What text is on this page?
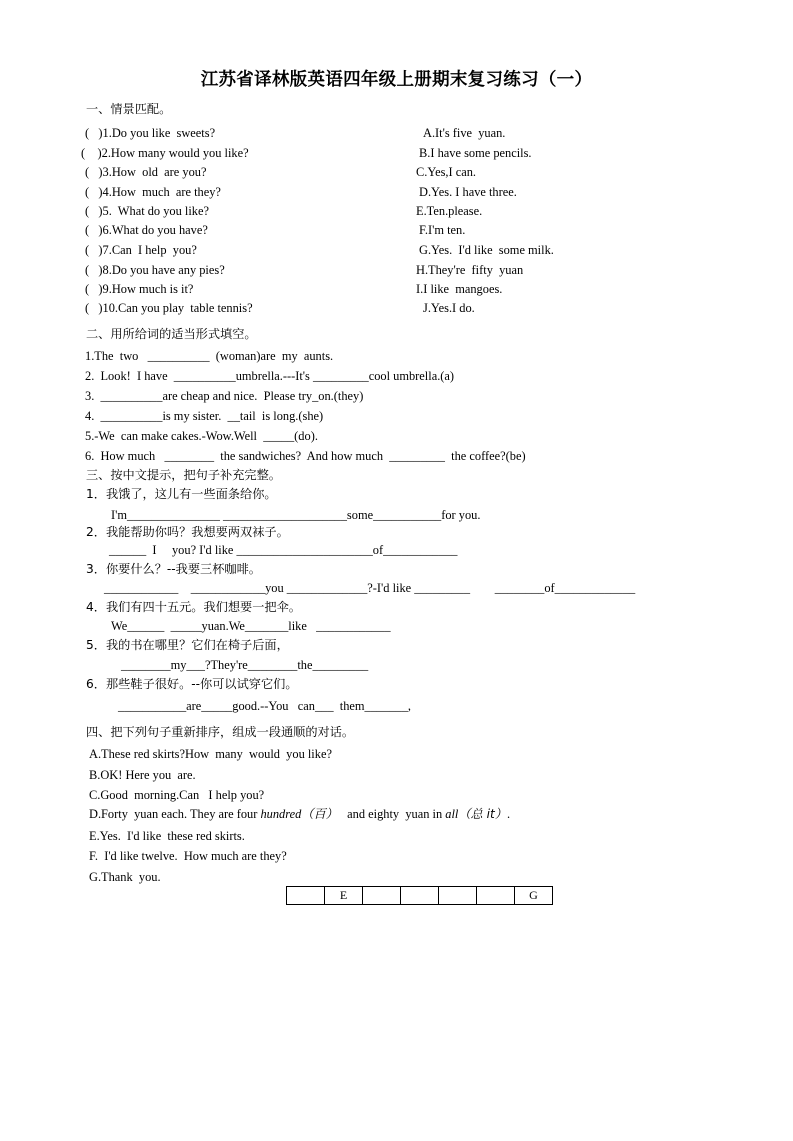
江苏省译林版英语四年级上册期末复习练习（一）
一、情景匹配。
(   )1.Do you like  sweets?	A.It's five  yuan.
(    )2.How many would you like?	B.I have some pencils.
(   )3.How  old  are you?	C.Yes,I can.
(   )4.How  much  are they?	D.Yes. I have three.
(   )5.  What do you like?	E.Ten.please.
(   )6.What do you have?	F.I'm ten.
(   )7.Can  I help  you?	G.Yes.  I'd like  some milk.
(   )8.Do you have any pies?	H.They're  fifty  yuan
(   )9.How much is it?	I.I like  mangoes.
(   )10.Can you play  table tennis?	J.Yes.I do.
二、用所给词的适当形式填空。
1.The  two   __________  (woman)are  my  aunts.
2.  Look!  I have  __________umbrella.---It's _________cool umbrella.(a)
3.  __________are cheap and nice.  Please try_on.(they)
4.  __________is my sister.  __tail  is long.(she)
5.-We  can make cakes.-Wow.Well  _____(do).
6.  How much   ________  the sandwiches?  And how much  _________  the coffee?(be)
三、按中文提示，把句子补充完整。
1．我饿了，这儿有一些面条给你。
I'm_______________ ____________________some___________for you.
2．我能帮助你吗？我想要两双袜子。
______  I     you? I'd like ______________________of____________
3．你要什么？--我要三杯咖啡。
____________    ____________you _____________?-I'd like _________        ________of_____________
4．我们有四十五元。我们想要一把伞。
We______  _____yuan.We_______like   ____________
5．我的书在哪里？它们在椅子后面，
________my___?They're________the_________
6．那些鞋子很好。--你可以试穿它们。
___________are_____good.--You   can___  them_______,
四、把下列句子重新排序，组成一段通顺的对话。
A.These red skirts?How  many  would  you like?
B.OK! Here you  are.
C.Good  morning.Can   I help you?
D.Forty  yuan each. They are four hundred（百）   and eighty  yuan in all（总 it）.
E.Yes.  I'd like  these red skirts.
F.  I'd like twelve.  How much are they?
G.Thank  you.
	E					G
